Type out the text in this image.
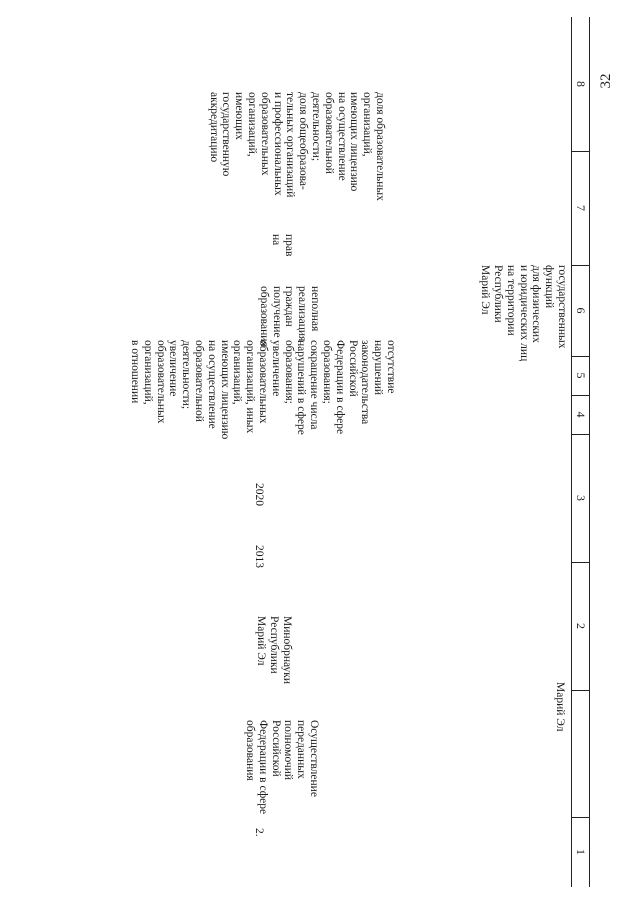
32
8
7
6
5
4
3
2
1
государственных
функций
для физических
и юридических лиц
на территории
Республики
Марий Эл
Марий Эл
доля образовательных
организаций,
имеющих лицензию
на осуществление
образовательной
деятельности;
доля общеобразова-
тельных организаций
и профессиональных
образовательных
организаций,
имеющих
государственную
аккредитацию
неполная
реализация
граждан
получение
образования
прав
на
отсутствие
нарушений
законодательства
Российской
Федерации в сфере
образования;
сокращение числа
нарушений в сфере
образования;
увеличение
образовательных
организаций, иных
организаций,
имеющих лицензию
на осуществление
образовательной
деятельности;
увеличение
образовательных
организаций,
в отношении
2020
2013
Минобрнауки
Республики
Марий Эл
Осуществление
переданных
полномочий
Российской
Федерации в сфере
образования
2.
